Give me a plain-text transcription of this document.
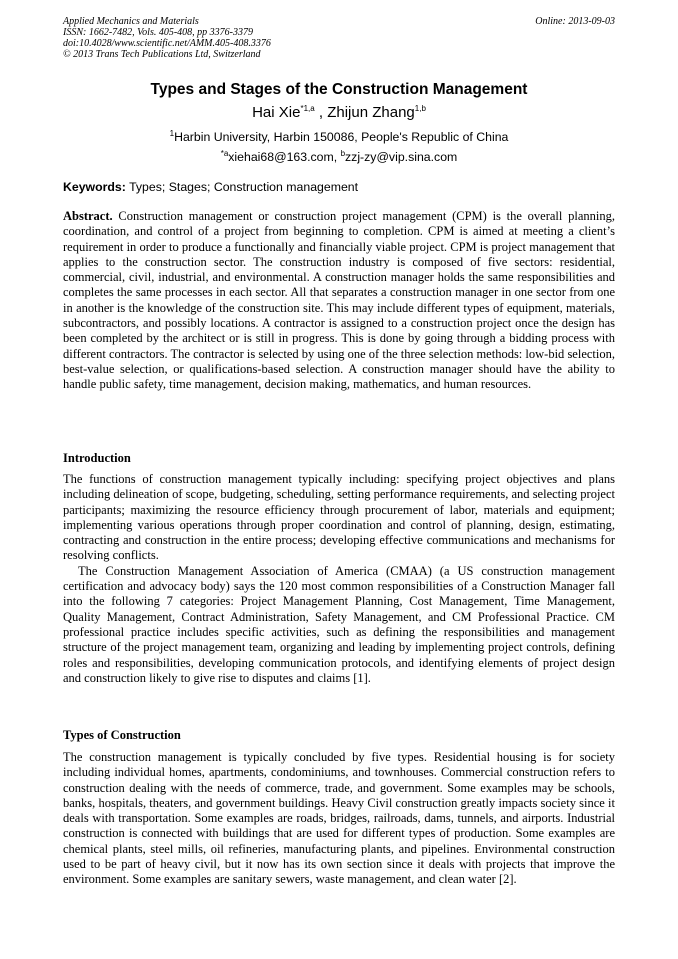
Applied Mechanics and Materials
ISSN: 1662-7482, Vols. 405-408, pp 3376-3379
doi:10.4028/www.scientific.net/AMM.405-408.3376
© 2013 Trans Tech Publications Ltd, Switzerland
Online: 2013-09-03
Types and Stages of the Construction Management
Hai Xie$^{*1,a}$ , Zhijun Zhang$^{1,b}$
$^1$Harbin University, Harbin 150086, People's Republic of China
$^{*a}$xiehai68@163.com, $^b$zzj-zy@vip.sina.com
Keywords: Types; Stages; Construction management

Abstract. Construction management or construction project management (CPM) is the overall planning, coordination, and control of a project from beginning to completion. CPM is aimed at meeting a client’s requirement in order to produce a functionally and financially viable project. CPM is project management that applies to the construction sector. The construction industry is composed of five sectors: residential, commercial, civil, industrial, and environmental. A construction manager holds the same responsibilities and completes the same processes in each sector. All that separates a construction manager in one sector from one in another is the knowledge of the construction site. This may include different types of equipment, materials, subcontractors, and possibly locations. A contractor is assigned to a construction project once the design has been completed by the architect or is still in progress. This is done by going through a bidding process with different contractors. The contractor is selected by using one of the three selection methods: low-bid selection, best-value selection, or qualifications-based selection. A construction manager should have the ability to handle public safety, time management, decision making, mathematics, and human resources.

Introduction

The functions of construction management typically including: specifying project objectives and plans including delineation of scope, budgeting, scheduling, setting performance requirements, and selecting project participants; maximizing the resource efficiency through procurement of labor, materials and equipment; implementing various operations through proper coordination and control of planning, design, estimating, contracting and construction in the entire process; developing effective communications and mechanisms for resolving conflicts.

The Construction Management Association of America (CMAA) (a US construction management certification and advocacy body) says the 120 most common responsibilities of a Construction Manager fall into the following 7 categories: Project Management Planning, Cost Management, Time Management, Quality Management, Contract Administration, Safety Management, and CM Professional Practice. CM professional practice includes specific activities, such as defining the responsibilities and management structure of the project management team, organizing and leading by implementing project controls, defining roles and responsibilities, developing communication protocols, and identifying elements of project design and construction likely to give rise to disputes and claims [1].

Types of Construction

The construction management is typically concluded by five types. Residential housing is for society including individual homes, apartments, condominiums, and townhouses. Commercial construction refers to construction dealing with the needs of commerce, trade, and government. Some examples may be schools, banks, hospitals, theaters, and government buildings. Heavy Civil construction greatly impacts society since it deals with transportation. Some examples are roads, bridges, railroads, dams, tunnels, and airports. Industrial construction is connected with buildings that are used for different types of production. Some examples are chemical plants, steel mills, oil refineries, manufacturing plants, and pipelines. Environmental construction used to be part of heavy civil, but it now has its own section since it deals with projects that improve the environment. Some examples are sanitary sewers, waste management, and clean water [2].
